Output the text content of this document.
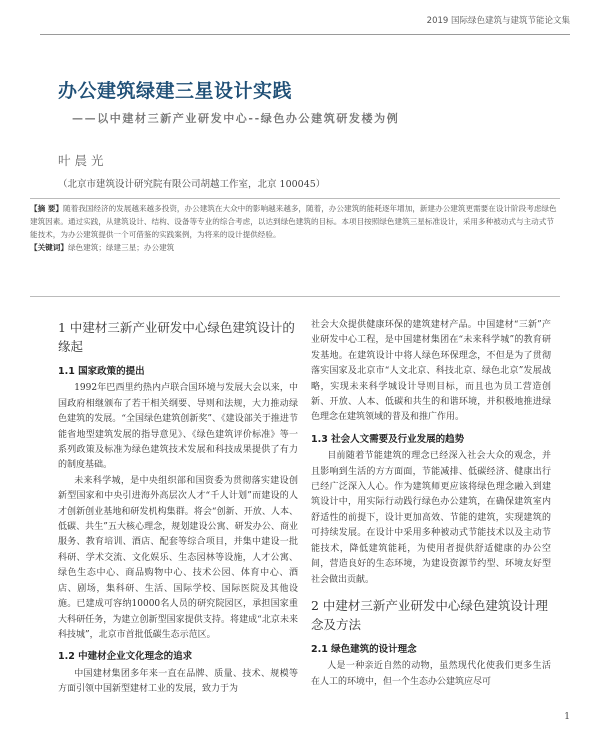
2019 国际绿色建筑与建筑节能论文集
办公建筑绿建三星设计实践
——以中建材三新产业研发中心--绿色办公建筑研发楼为例
叶晨光
（北京市建筑设计研究院有限公司胡越工作室，北京 100045）
【摘 要】随着我国经济的发展越来越多投资，办公建筑在大众中的影响越来越多，随着，办公建筑的能耗逐年增加，新建办公建筑更需要在设计阶段考虑绿色建筑因素。通过实践，从建筑设计、结构、设备等专业的综合考虑，以达到绿色建筑的目标。本项目按照绿色建筑三星标准设计，采用多种被动式与主动式节能技术，为办公建筑提供一个可借鉴的实践案例，为将来的设计提供经验。
【关键词】绿色建筑；绿建三星；办公建筑
1 中建材三新产业研发中心绿色建筑设计的缘起
1.1 国家政策的提出

1992年巴西里约热内卢联合国环境与发展大会以来，中国政府相继颁布了若干相关纲要、导则和法规，大力推动绿色建筑的发展。“全国绿色建筑创新奖”、《建设部关于推进节能省地型建筑发展的指导意见》、《绿色建筑评价标准》等一系列政策及标准为绿色建筑技术发展和科技成果提供了有力的制度基础。

未来科学城，是中央组织部和国资委为贯彻落实建设创新型国家和中央引进海外高层次人才“千人计划”而建设的人才创新创业基地和研发机构集群。将会“创新、开放、人本、低碳、共生”五大核心理念，规划建设公寓、研发办公、商业服务、教育培训、酒店、配套等综合项目，并集中建设一批科研、学术交流、文化娱乐、生态园林等设施，人才公寓、绿色生态中心、商品购物中心、技术公园、体育中心、酒店、剧场，集科研、生活、国际学校、国际医院及其他设施。已建成可容纳10000名人员的研究院园区，承担国家重大科研任务，为建立创新型国家提供支持。将建成“北京未来科技城”，北京市首批低碳生态示范区。

1.2 中建材企业文化理念的追求

中国建材集团多年来一直在品牌、质量、技术、规模等方面引领中国新型建材工业的发展，致力于为

社会大众提供健康环保的建筑建材产品。中国建材“三新”产业研发中心工程，是中国建材集团在“未来科学城”的教育研发基地。在建筑设计中将人绿色环保理念，不但是为了贯彻落实国家及北京市“人文北京、科技北京、绿色北京”发展战略，实现未来科学城设计导则目标，而且也为员工营造创新、开放、人本、低碳和共生的和谐环境，并积极地推进绿色理念在建筑领域的普及和推广作用。

1.3 社会人文需要及行业发展的趋势

目前随着节能建筑的理念已经深入社会大众的观念，并且影响到生活的方方面面，节能减排、低碳经济、健康出行已经广泛深入人心。作为建筑师更应该将绿色理念融入到建筑设计中，用实际行动践行绿色办公建筑，在确保建筑室内舒适性的前提下，设计更加高效、节能的建筑，实现建筑的可持续发展。在设计中采用多种被动式节能技术以及主动节能技术，降低建筑能耗，为使用者提供舒适健康的办公空间，营造良好的生态环境，为建设资源节约型、环境友好型社会做出贡献。

2 中建材三新产业研发中心绿色建筑设计理念及方法
2.1 绿色建筑的设计理念

人是一种亲近自然的动物，虽然现代化使我们更多生活在人工的环境中，但一个生态办公建筑应尽可

1
